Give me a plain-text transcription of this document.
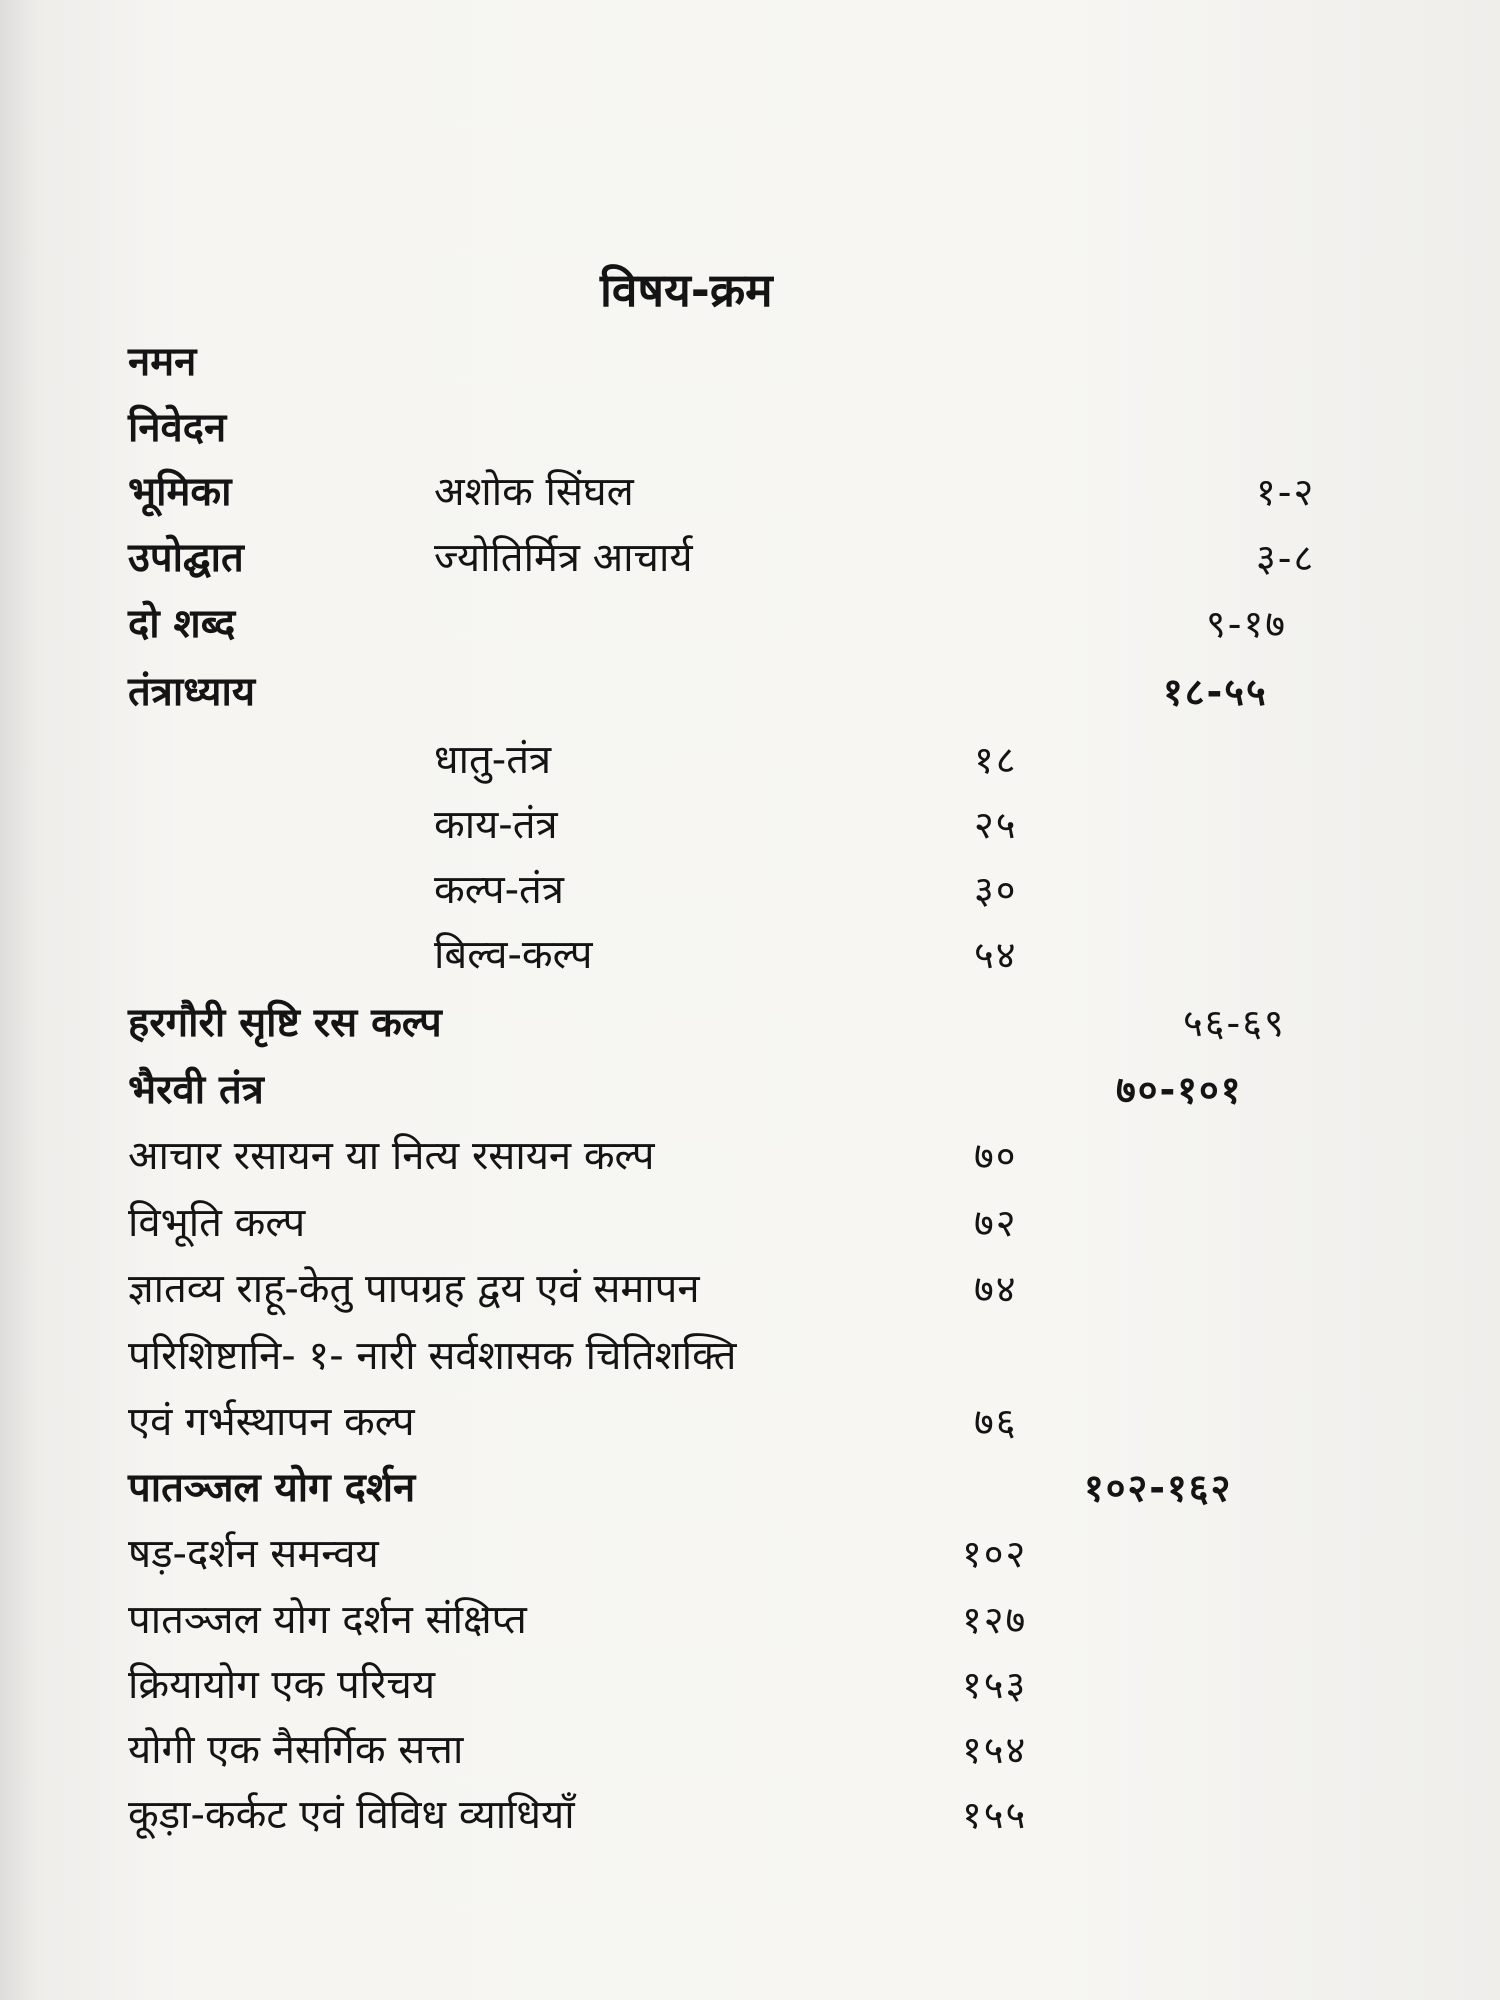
विषय-क्रम
नमन
निवेदन
भूमिका	अशोक सिंघल	१-२
उपोद्घात	ज्योतिर्मित्र आचार्य	३-८
दो शब्द	९-१७
तंत्राध्याय	१८-५५
धातु-तंत्र	१८
काय-तंत्र	२५
कल्प-तंत्र	३०
बिल्व-कल्प	५४
हरगौरी सृष्टि रस कल्प	५६-६९
भैरवी तंत्र	७०-१०१
आचार रसायन या नित्य रसायन कल्प	७०
विभूति कल्प	७२
ज्ञातव्य राहू-केतु पापग्रह द्वय एवं समापन	७४
परिशिष्टानि- १- नारी सर्वशासक चितिशक्ति
एवं गर्भस्थापन कल्प	७६
पातञ्जल योग दर्शन	१०२-१६२
षड़-दर्शन समन्वय	१०२
पातञ्जल योग दर्शन संक्षिप्त	१२७
क्रियायोग एक परिचय	१५३
योगी एक नैसर्गिक सत्ता	१५४
कूड़ा-कर्कट एवं विविध व्याधियाँ	१५५
